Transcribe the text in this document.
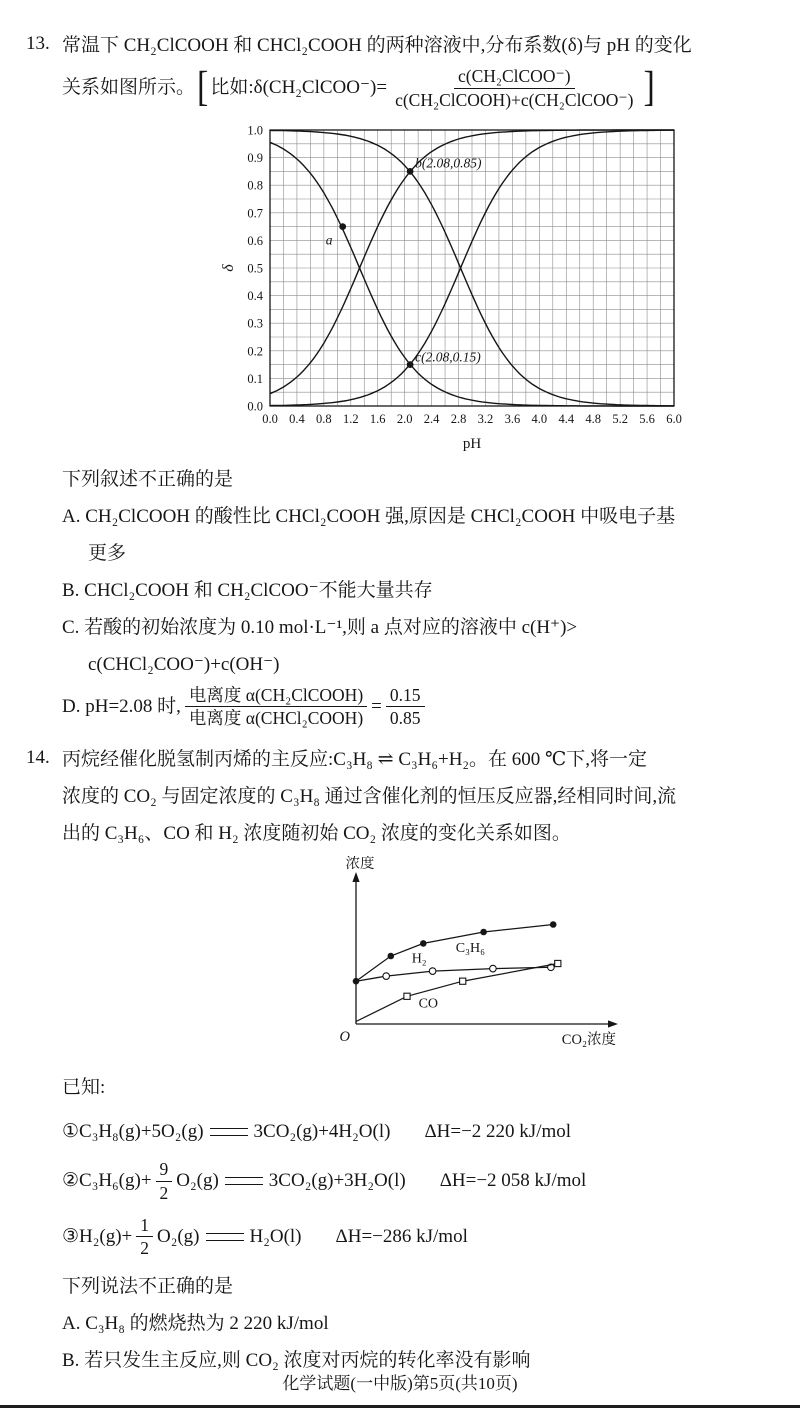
13. 常温下 CH₂ClCOOH 和 CHCl₂COOH 的两种溶液中,分布系数(δ)与 pH 的变化
关系如图所示。 [ 比如:δ(CH₂ClCOO⁻)= $\frac{\text{c(CH₂ClCOO⁻)}}{\text{c(CH₂ClCOOH)+c(CH₂ClCOO⁻)}}$ ]
0.0 0.4 0.8 1.2 1.6 2.0 2.4 2.8 3.2 3.6 4.0 4.4 4.8 5.2 5.6 6.0
0.0
0.1
0.2
0.3
0.4
0.5
0.6
0.7
0.8
0.9
1.0
pH
δ
a
b(2.08,0.85)
c(2.08,0.15)
下列叙述不正确的是
A. CH₂ClCOOH 的酸性比 CHCl₂COOH 强,原因是 CHCl₂COOH 中吸电子基
更多
B. CHCl₂COOH 和 CH₂ClCOO⁻不能大量共存
C. 若酸的初始浓度为 0.10 mol·L⁻¹,则 a 点对应的溶液中 c(H⁺)>
c(CHCl₂COO⁻)+c(OH⁻)
D. pH=2.08 时, $\frac{\text{电离度 α(CH₂ClCOOH)}}{\text{电离度 α(CHCl₂COOH)}} = \frac{0.15}{0.85}$
14. 丙烷经催化脱氢制丙烯的主反应:C₃H₈ ⇌ C₃H₆+H₂。在 600 ℃下,将一定
浓度的 CO₂ 与固定浓度的 C₃H₈ 通过含催化剂的恒压反应器,经相同时间,流
出的 C₃H₆、CO 和 H₂ 浓度随初始 CO₂ 浓度的变化关系如图。
浓度
CO₂浓度
O
C₃H₆
H₂
CO
已知:
①C₃H₈(g)+5O₂(g)	3CO₂(g)+4H₂O(l) ΔH=−2 220 kJ/mol
②C₃H₆(g)+ $\frac{9}{2} O_2(g)$	3CO₂(g)+3H₂O(l) ΔH=−2 058 kJ/mol
③H₂(g)+ $\frac{1}{2} O_2(g)$	H₂O(l) ΔH=−286 kJ/mol
下列说法不正确的是
A. C₃H₈ 的燃烧热为 2 220 kJ/mol
B. 若只发生主反应,则 CO₂ 浓度对丙烷的转化率没有影响
化学试题(一中版)第5页(共10页)
